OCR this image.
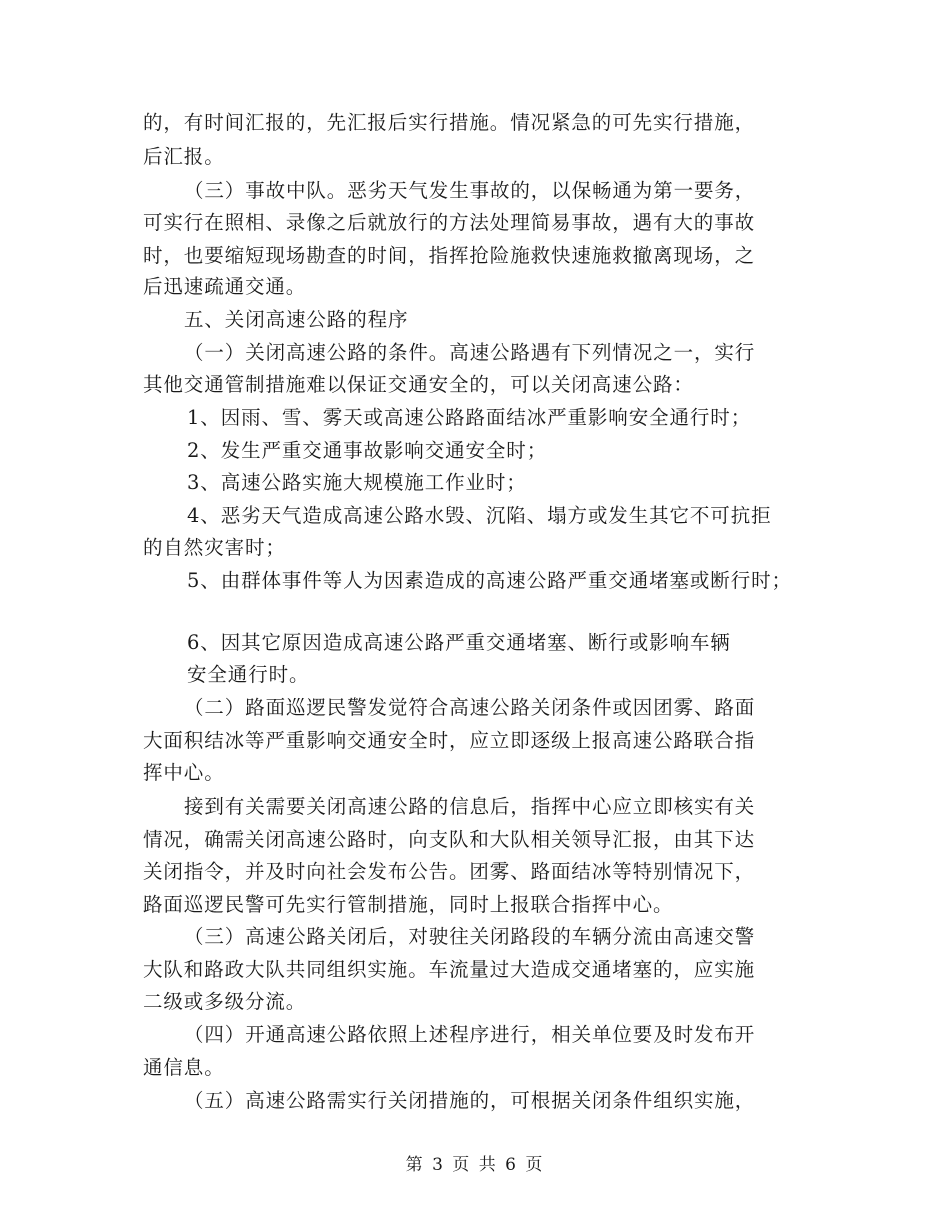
的，有时间汇报的，先汇报后实行措施。情况紧急的可先实行措施，
后汇报。
（三）事故中队。恶劣天气发生事故的，以保畅通为第一要务，
可实行在照相、录像之后就放行的方法处理简易事故，遇有大的事故
时，也要缩短现场勘查的时间，指挥抢险施救快速施救撤离现场，之
后迅速疏通交通。
五、关闭高速公路的程序
（一）关闭高速公路的条件。高速公路遇有下列情况之一，实行
其他交通管制措施难以保证交通安全的，可以关闭高速公路：
1、因雨、雪、雾天或高速公路路面结冰严重影响安全通行时；
2、发生严重交通事故影响交通安全时；
3、高速公路实施大规模施工作业时；
4、恶劣天气造成高速公路水毁、沉陷、塌方或发生其它不可抗拒
的自然灾害时；
5、由群体事件等人为因素造成的高速公路严重交通堵塞或断行时；
6、因其它原因造成高速公路严重交通堵塞、断行或影响车辆
安全通行时。
（二）路面巡逻民警发觉符合高速公路关闭条件或因团雾、路面
大面积结冰等严重影响交通安全时，应立即逐级上报高速公路联合指
挥中心。
接到有关需要关闭高速公路的信息后，指挥中心应立即核实有关
情况，确需关闭高速公路时，向支队和大队相关领导汇报，由其下达
关闭指令，并及时向社会发布公告。团雾、路面结冰等特别情况下，
路面巡逻民警可先实行管制措施，同时上报联合指挥中心。
（三）高速公路关闭后，对驶往关闭路段的车辆分流由高速交警
大队和路政大队共同组织实施。车流量过大造成交通堵塞的，应实施
二级或多级分流。
（四）开通高速公路依照上述程序进行，相关单位要及时发布开
通信息。
（五）高速公路需实行关闭措施的，可根据关闭条件组织实施，
第 3 页 共 6 页
